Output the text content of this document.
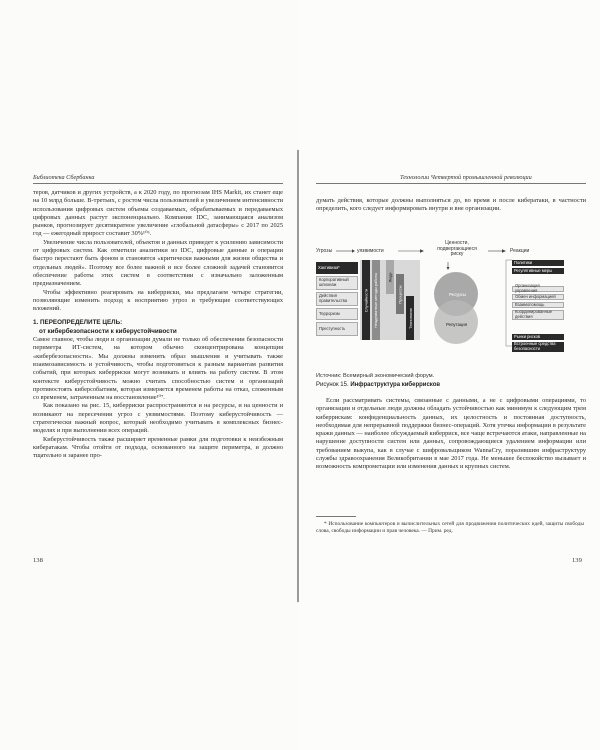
Библиотека Сбербанка

теров, датчиков и других устройств, а к 2020 году, по прогнозам IHS Markit, их станет еще на 10 млрд больше. В-третьих, с ростом числа пользователей и увеличением интенсивности использования цифровых систем объемы создаваемых, обрабатываемых и передаваемых цифровых данных растут экспоненциально. Компания IDC, занимающаяся анализом рынков, прогнозирует десятикратное увеличение «глобальной датасферы» с 2017 по 2025 год — ежегодный прирост составит 30%¹⁰⁶.

Увеличение числа пользователей, объектов и данных приведет к усилению зависимости от цифровых систем. Как отметили аналитики из IDC, цифровые данные и операции быстро перестают быть фоном и становятся «критически важными для жизни общества и отдельных людей». Поэтому все более важной и все более сложной задачей становится обеспечение работы этих систем в соответствии с изначально заложенным предназначением.

Чтобы эффективно реагировать на киберриски, мы предлагаем четыре стратегии, позволяющие изменить подход к восприятию угроз и требующие соответствующих вложений.

1. ПЕРЕОПРЕДЕЛИТЕ ЦЕЛЬ:

от кибербезопасности к киберустойчивости

Самое главное, чтобы люди и организации думали не только об обеспечении безопасности периметра ИТ-систем, на котором обычно сконцентрирована концепция «кибербезопасности». Мы должны изменить образ мышления и учитывать также взаимозависимость и устойчивость, чтобы подготовиться к разным вариантам развития событий, при которых киберриски могут возникать и влиять на работу систем. В этом контексте киберустойчивость можно считать способностью систем и организаций противостоять киберсобытиям, которая измеряется временем работы на отказ, сложенным со временем, затраченным на восстановление¹⁰⁷.

Как показано на рис. 15, киберриски распространяются и на ресурсы, и на ценности и возникают на пересечении угроз с уязвимостями. Поэтому киберустойчивость — стратегически важный вопрос, который необходимо учитывать в комплексных бизнес-моделях и при выполнении всех операций.

Киберустойчивость также расширяет временные рамки для подготовки к неизбежным кибератакам. Чтобы отойти от подхода, основанного на защите периметра, и должно тщательно и заранее про-

138
Технологии Четвертой промышленной революции

думать действия, которые должны выполняться до, во время и после кибератаки, в частности определить, кого следует информировать внутри и вне организации.

Угрозы	уязвимости
Ценности, подвергающиеся риску	Реакции
Хактивизм*
Корпоративный шпионаж
Действия правительства
Терроризм
Преступность
Случайности Неадекватные методы работы Люди
Процессы
Технологии
Ресурсы
Репутация
Политики
Регулятивные меры
Организация управления
Обмен информацией
Взаимопомощь
Координированные действия
Рынки рисков
Встроенные средства безопасности
Источник: Всемирный экономический форум.
Рисунок 15. Инфраструктура киберрисков

Если рассматривать системы, связанные с данными, а не с цифровыми операциями, то организации и отдельные люди должны обладать устойчивостью как минимум к следующим трем киберрискам: конфиденциальность данных, их целостность и постоянная доступность, необходимая для непрерывной поддержки бизнес-операций. Хотя утечка информации в результате кражи данных — наиболее обсуждаемый киберриск, все чаще встречаются атаки, направленные на нарушение доступности систем или данных, сопровождающиеся удалением информации или требованием выкупа, как в случае с шифровальщиком WannaCry, поразившим инфраструктуру службы здравоохранения Великобритании в мае 2017 года. Не меньшее беспокойство вызывает и возможность компрометации или изменения данных и крупных систем.

* Использование компьютеров и вычислительных сетей для продвижения политических идей, защиты свободы слова, свободы информации и прав человека. — Прим. ред.

139
